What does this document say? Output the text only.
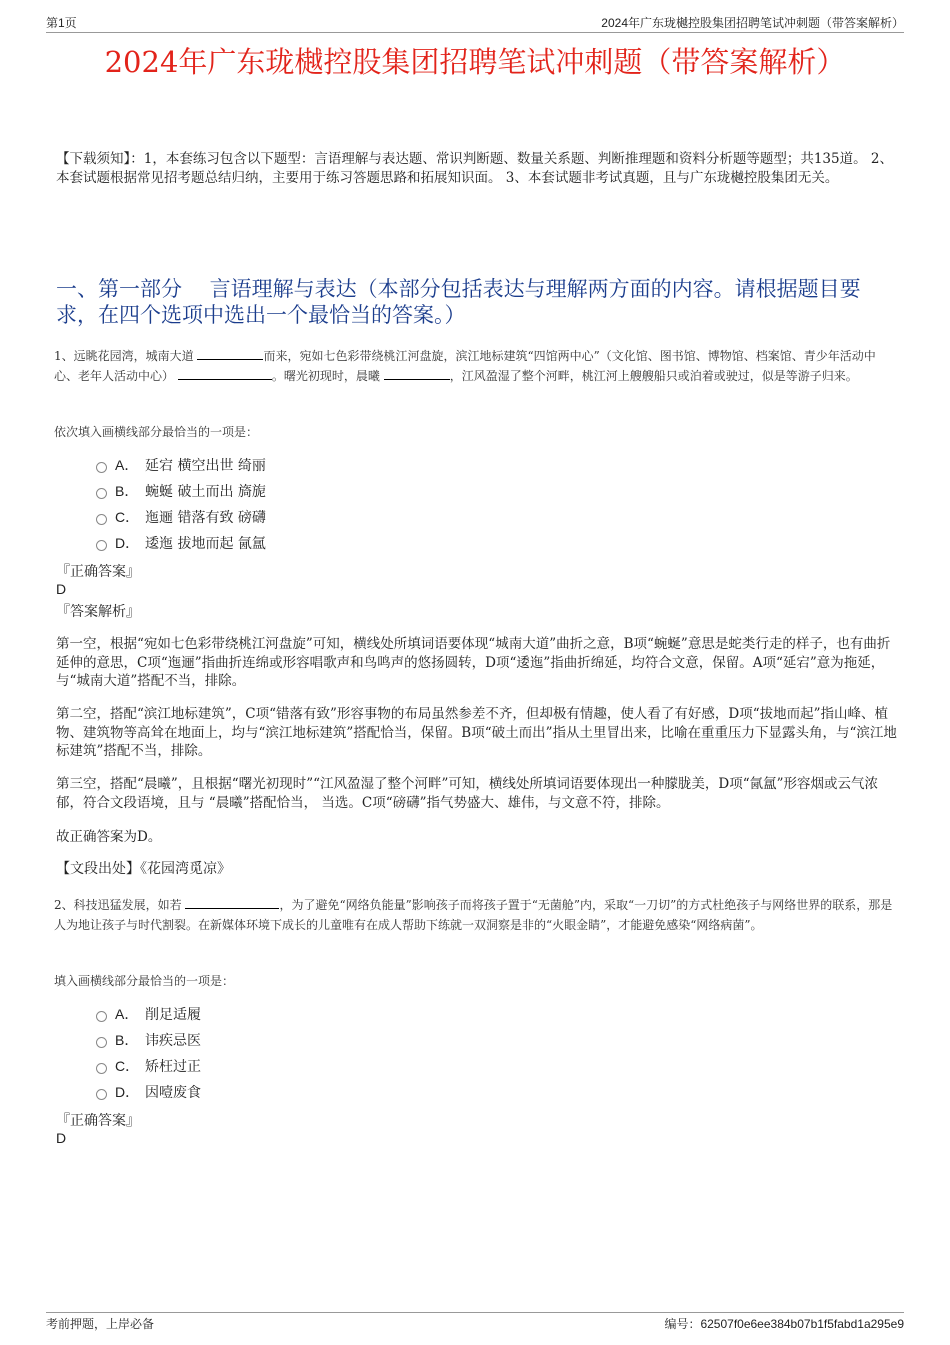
第1页	2024年广东珑樾控股集团招聘笔试冲刺题（带答案解析）
2024年广东珑樾控股集团招聘笔试冲刺题（带答案解析）
【下载须知】：1，本套练习包含以下题型：言语理解与表达题、常识判断题、数量关系题、判断推理题和资料分析题等题型；共135道。 2、本套试题根据常见招考题总结归纳，主要用于练习答题思路和拓展知识面。 3、本套试题非考试真题，且与广东珑樾控股集团无关。
一、第一部分　 言语理解与表达（本部分包括表达与理解两方面的内容。请根据题目要求，在四个选项中选出一个最恰当的答案。）
1、远眺花园湾，城南大道	而来，宛如七色彩带绕桃江河盘旋，滨江地标建筑“四馆两中心”（文化馆、图书馆、博物馆、档案馆、青少年活动中心、老年人活动中心）	。曙光初现时，晨曦	，江风盈湿了整个河畔，桃江河上艘艘船只或泊着或驶过，似是等游子归来。
依次填入画横线部分最恰当的一项是：
A． 延宕 横空出世 绮丽
B． 蜿蜒 破土而出 旖旎
C． 迤逦 错落有致 磅礴
D． 逶迤 拔地而起 氤氲
『正确答案』
D
『答案解析』
第一空，根据“宛如七色彩带绕桃江河盘旋”可知，横线处所填词语要体现“城南大道”曲折之意，B项“蜿蜒”意思是蛇类行走的样子，也有曲折延伸的意思，C项“迤逦”指曲折连绵或形容唱歌声和鸟鸣声的悠扬圆转，D项“逶迤”指曲折绵延，均符合文意，保留。A项“延宕”意为拖延，与“城南大道”搭配不当，排除。
第二空，搭配“滨江地标建筑”，C项“错落有致”形容事物的布局虽然参差不齐，但却极有情趣，使人看了有好感，D项“拔地而起”指山峰、植物、建筑物等高耸在地面上，均与“滨江地标建筑”搭配恰当，保留。B项“破土而出”指从土里冒出来，比喻在重重压力下显露头角，与“滨江地标建筑”搭配不当，排除。
第三空，搭配“晨曦”，且根据“曙光初现时”“江风盈湿了整个河畔”可知，横线处所填词语要体现出一种朦胧美，D项“氤氲”形容烟或云气浓郁，符合文段语境，且与 “晨曦”搭配恰当， 当选。C项“磅礴”指气势盛大、雄伟，与文意不符，排除。
故正确答案为D。
【文段出处】《花园湾觅凉》
2、科技迅猛发展，如若	，为了避免“网络负能量”影响孩子而将孩子置于“无菌舱”内，采取“一刀切”的方式杜绝孩子与网络世界的联系，那是人为地让孩子与时代割裂。在新媒体环境下成长的儿童唯有在成人帮助下练就一双洞察是非的“火眼金睛”，才能避免感染“网络病菌”。
填入画横线部分最恰当的一项是：
A． 削足适履
B． 讳疾忌医
C． 矫枉过正
D． 因噎废食
『正确答案』
D
考前押题，上岸必备	编号：62507f0e6ee384b07b1f5fabd1a295e9
